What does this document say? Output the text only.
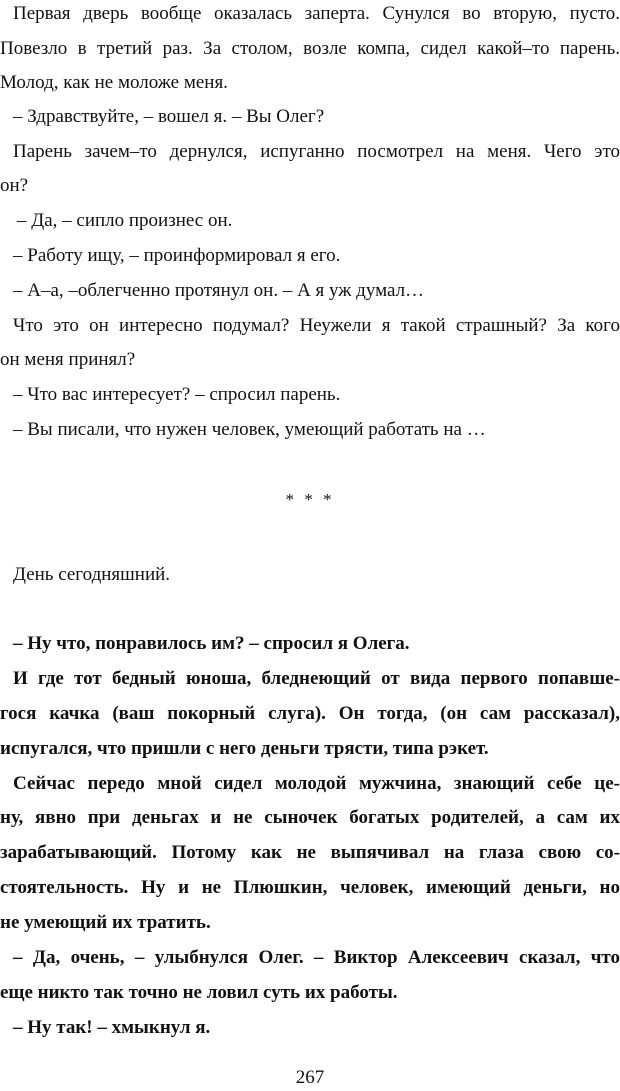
Первая дверь вообще оказалась заперта. Сунулся во вторую, пусто.
Повезло в третий раз. За столом, возле компа, сидел какой–то парень.
Молод, как не моложе меня.
– Здравствуйте, – вошел я. – Вы Олег?
Парень зачем–то дернулся, испуганно посмотрел на меня. Чего это
он?
– Да, – сипло произнес он.
– Работу ищу, – проинформировал я его.
– А–а, –облегченно протянул он. – А я уж думал…
Что это он интересно подумал? Неужели я такой страшный? За кого
он меня принял?
– Что вас интересует? – спросил парень.
– Вы писали, что нужен человек, умеющий работать на …
* * *
День сегодняшний.
– Ну что, понравилось им? – спросил я Олега.
И где тот бедный юноша, бледнеющий от вида первого попавше-
гося качка (ваш покорный слуга). Он тогда, (он сам рассказал),
испугался, что пришли с него деньги трясти, типа рэкет.
Сейчас передо мной сидел молодой мужчина, знающий себе це-
ну, явно при деньгах и не сыночек богатых родителей, а сам их
зарабатывающий. Потому как не выпячивал на глаза свою со-
стоятельность. Ну и не Плюшкин, человек, имеющий деньги, но
не умеющий их тратить.
– Да, очень, – улыбнулся Олег. – Виктор Алексеевич сказал, что
еще никто так точно не ловил суть их работы.
– Ну так! – хмыкнул я.
267
